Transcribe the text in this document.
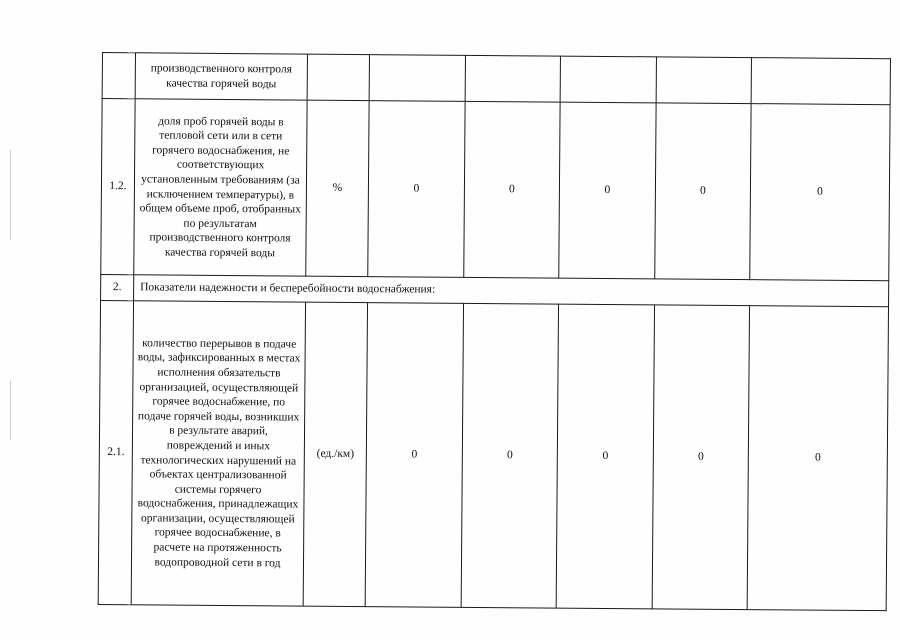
	производственного контроля качества горячей воды						
1.2.	доля проб горячей воды в тепловой сети или в сети горячего водоснабжения, не соответствующих установленным требованиям (за исключением температуры), в общем объеме проб, отобранных по результатам производственного контроля качества горячей воды	%	0	0	0	0	0
2.	Показатели надежности и бесперебойности водоснабжения:						
2.1.	количество перерывов в подаче воды, зафиксированных в местах исполнения обязательств организацией, осуществляющей горячее водоснабжение, по подаче горячей воды, возникших в результате аварий, повреждений и иных технологических нарушений на объектах централизованной системы горячего водоснабжения, принадлежащих организации, осуществляющей горячее водоснабжение, в расчете на протяженность водопроводной сети в год	(ед./км)	0	0	0	0	0
